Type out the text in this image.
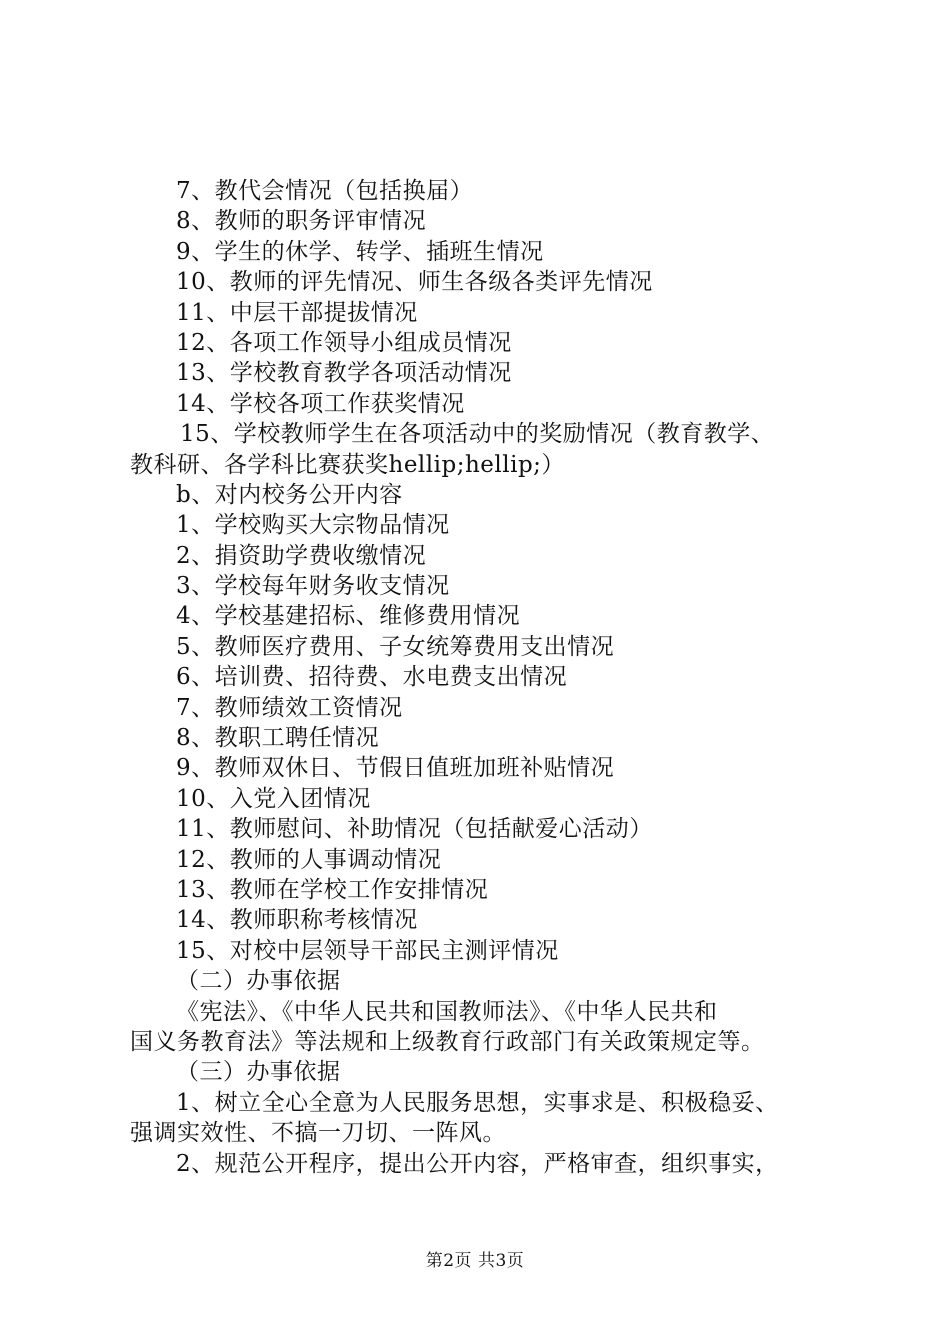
7、教代会情况（包括换届）
8、教师的职务评审情况
9、学生的休学、转学、插班生情况
10、教师的评先情况、师生各级各类评先情况
11、中层干部提拔情况
12、各项工作领导小组成员情况
13、学校教育教学各项活动情况
14、学校各项工作获奖情况
15、学校教师学生在各项活动中的奖励情况（教育教学、
教科研、各学科比赛获奖hellip;hellip;）
b、对内校务公开内容
1、学校购买大宗物品情况
2、捐资助学费收缴情况
3、学校每年财务收支情况
4、学校基建招标、维修费用情况
5、教师医疗费用、子女统筹费用支出情况
6、培训费、招待费、水电费支出情况
7、教师绩效工资情况
8、教职工聘任情况
9、教师双休日、节假日值班加班补贴情况
10、入党入团情况
11、教师慰问、补助情况（包括献爱心活动）
12、教师的人事调动情况
13、教师在学校工作安排情况
14、教师职称考核情况
15、对校中层领导干部民主测评情况
（二）办事依据
《宪法》、《中华人民共和国教师法》、《中华人民共和
国义务教育法》等法规和上级教育行政部门有关政策规定等。
（三）办事依据
1、树立全心全意为人民服务思想，实事求是、积极稳妥、
强调实效性、不搞一刀切、一阵风。
2、规范公开程序，提出公开内容，严格审查，组织事实，
第2页 共3页
